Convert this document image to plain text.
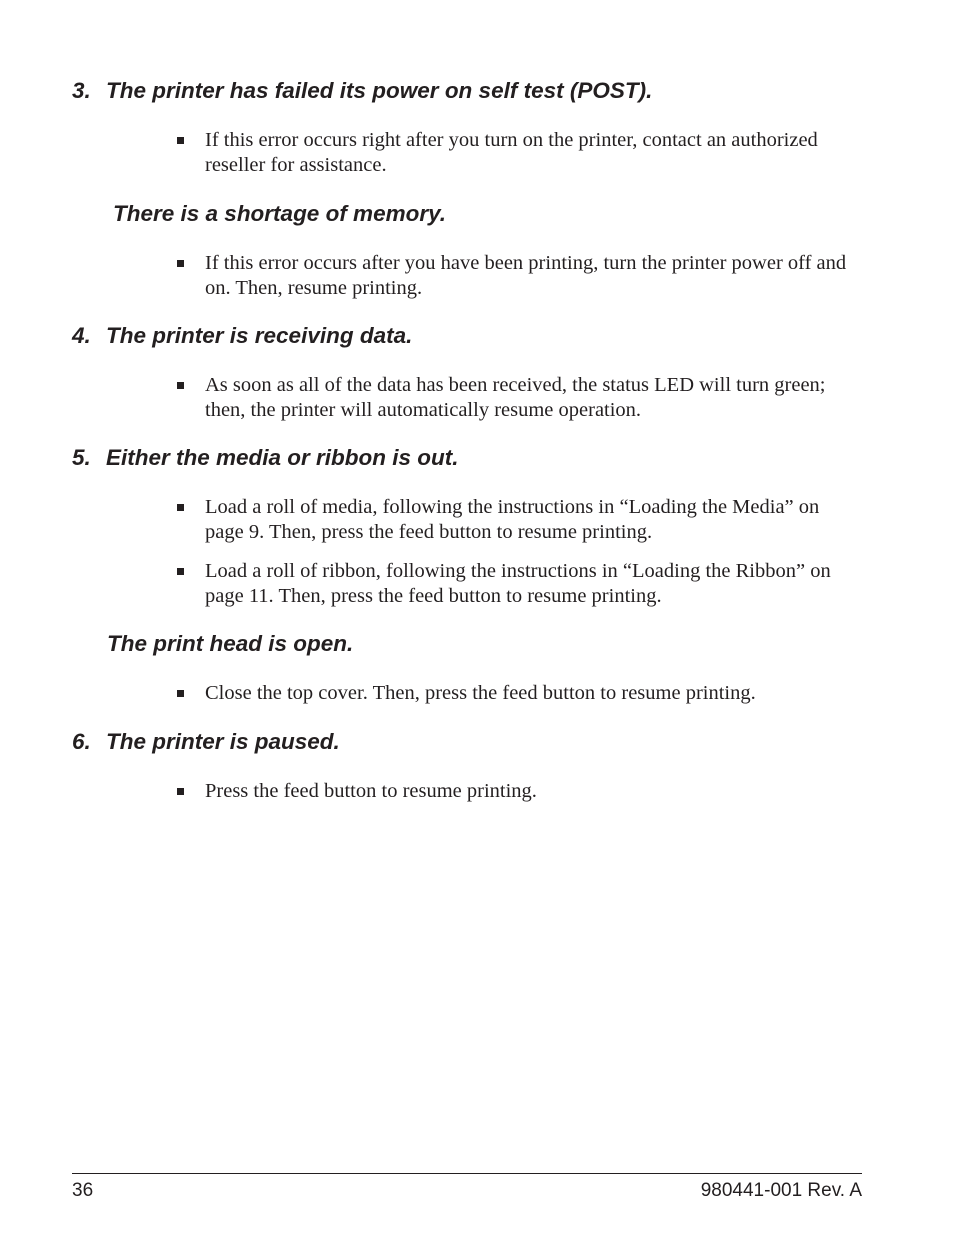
3. The printer has failed its power on self test (POST).
If this error occurs right after you turn on the printer, contact an authorized reseller for assistance.
There is a shortage of memory.
If this error occurs after you have been printing, turn the printer power off and on. Then, resume printing.
4. The printer is receiving data.
As soon as all of the data has been received, the status LED will turn green; then, the printer will automatically resume operation.
5. Either the media or ribbon is out.
Load a roll of media, following the instructions in “Loading the Media” on page 9. Then, press the feed button to resume printing.
Load a roll of ribbon, following the instructions in “Loading the Ribbon” on page 11. Then, press the feed button to resume printing.
The print head is open.
Close the top cover. Then, press the feed button to resume printing.
6. The printer is paused.
Press the feed button to resume printing.
36	980441-001 Rev. A
